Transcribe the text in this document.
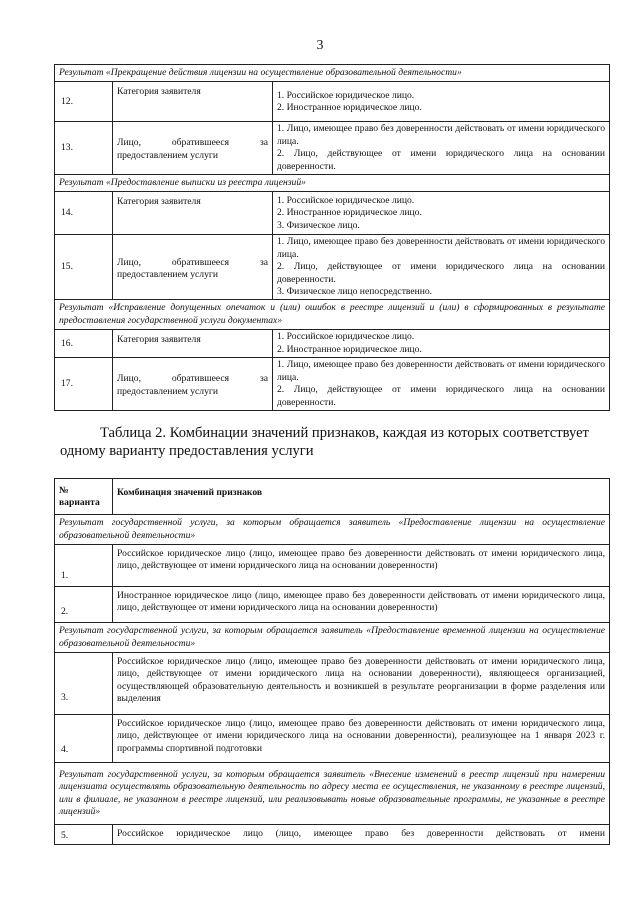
3
Результат «Прекращение действия лицензии на осуществление образовательной деятельности»		
12.	Категория заявителя	1. Российское юридическое лицо.

2. Иностранное юридическое лицо.

13.	Лицо, обратившееся за предоставлением услуги	1. Лицо, имеющее право без доверенности действовать от имени юридического лица.

2. Лицо, действующее от имени юридического лица на основании доверенности.

Результат «Предоставление выписки из реестра лицензий»		
14.	Категория заявителя	1. Российское юридическое лицо.

2. Иностранное юридическое лицо.

3. Физическое лицо.

15.	Лицо, обратившееся за предоставлением услуги	1. Лицо, имеющее право без доверенности действовать от имени юридического лица.

2. Лицо, действующее от имени юридического лица на основании доверенности.

3. Физическое лицо непосредственно.

Результат «Исправление допущенных опечаток и (или) ошибок в реестре лицензий и (или) в сформированных в результате предоставления государственной услуги документах»		
16.	Категория заявителя	1. Российское юридическое лицо.

2. Иностранное юридическое лицо.

17.	Лицо, обратившееся за предоставлением услуги	1. Лицо, имеющее право без доверенности действовать от имени юридического лица.

2. Лицо, действующее от имени юридического лица на основании доверенности.

Таблица 2. Комбинации значений признаков, каждая из которых соответствует одному варианту предоставления услуги
№ варианта	Комбинация значений признаков
Результат государственной услуги, за которым обращается заявитель «Предоставление лицензии на осуществление образовательной деятельности»	
1.	Российское юридическое лицо (лицо, имеющее право без доверенности действовать от имени юридического лица, лицо, действующее от имени юридического лица на основании доверенности)
2.	Иностранное юридическое лицо (лицо, имеющее право без доверенности действовать от имени юридического лица, лицо, действующее от имени юридического лица на основании доверенности)
Результат государственной услуги, за которым обращается заявитель «Предоставление временной лицензии на осуществление образовательной деятельности»	
3.	Российское юридическое лицо (лицо, имеющее право без доверенности действовать от имени юридического лица, лицо, действующее от имени юридического лица на основании доверенности), являющееся организацией, осуществляющей образовательную деятельность и возникшей в результате реорганизации в форме разделения или выделения
4.	Российское юридическое лицо (лицо, имеющее право без доверенности действовать от имени юридического лица, лицо, действующее от имени юридического лица на основании доверенности), реализующее на 1 января 2023 г. программы спортивной подготовки
Результат государственной услуги, за которым обращается заявитель «Внесение изменений в реестр лицензий при намерении лицензиата осуществлять образовательную деятельность по адресу места ее осуществления, не указанному в реестре лицензий, или в филиале, не указанном в реестре лицензий, или реализовывать новые образовательные программы, не указанные в реестре лицензий»	
5.	Российское юридическое лицо (лицо, имеющее право без доверенности действовать от имени
